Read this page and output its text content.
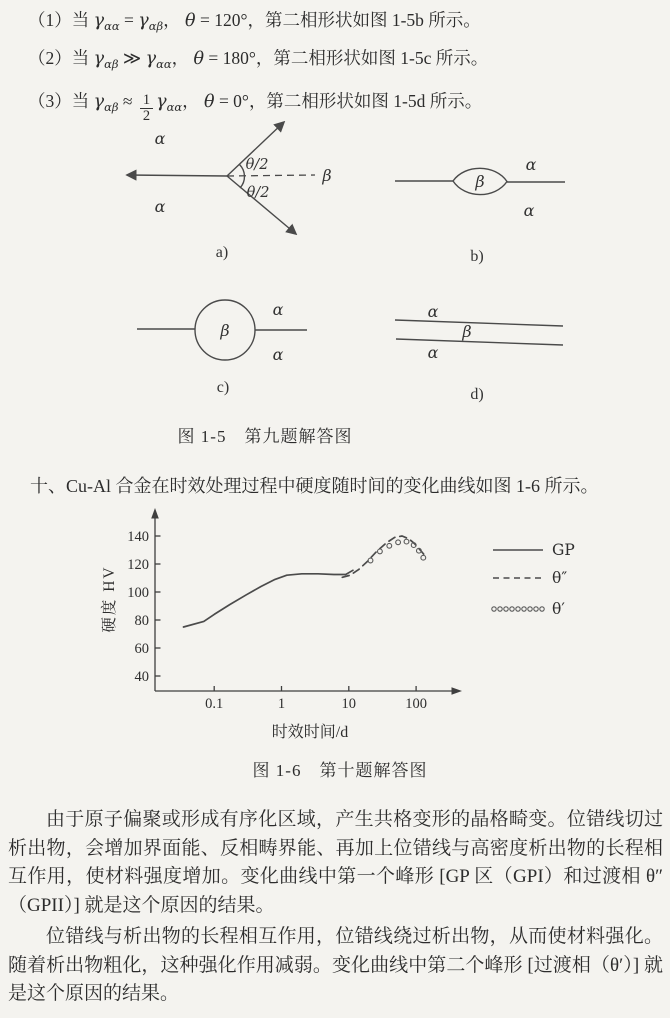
（1）当 $\gamma_{\alpha\alpha} = \gamma_{\alpha\beta}$， θ = 120°，第二相形状如图 1-5b 所示。
（2）当 $\gamma_{\alpha\beta}$ ≫ $\gamma_{\alpha\alpha}$， θ = 180°，第二相形状如图 1-5c 所示。
（3）当 $\gamma_{\alpha\beta} \approx \frac{1}{2} \gamma_{\alpha\alpha}$， θ = 0°，第二相形状如图 1-5d 所示。
α
α
θ/2
θ/2
β
a)
β
α
α
b)
β
α
α
c)
α
β
α
d)
图 1-5　第九题解答图
十、Cu-Al 合金在时效处理过程中硬度随时间的变化曲线如图 1-6 所示。
0.1	1	10	100
40
60
80
100
120
140
GP
θ″
θ′
硬度 HV
时效时间/d
图 1-6　第十题解答图

由于原子偏聚或形成有序化区域，产生共格变形的晶格畸变。位错线切过析出物，会增加界面能、反相畴界能、再加上位错线与高密度析出物的长程相互作用，使材料强度增加。变化曲线中第一个峰形 [GP 区（GPI）和过渡相 θ″（GPII）] 就是这个原因的结果。

位错线与析出物的长程相互作用，位错线绕过析出物，从而使材料强化。随着析出物粗化，这种强化作用减弱。变化曲线中第二个峰形 [过渡相（θ′）] 就是这个原因的结果。
